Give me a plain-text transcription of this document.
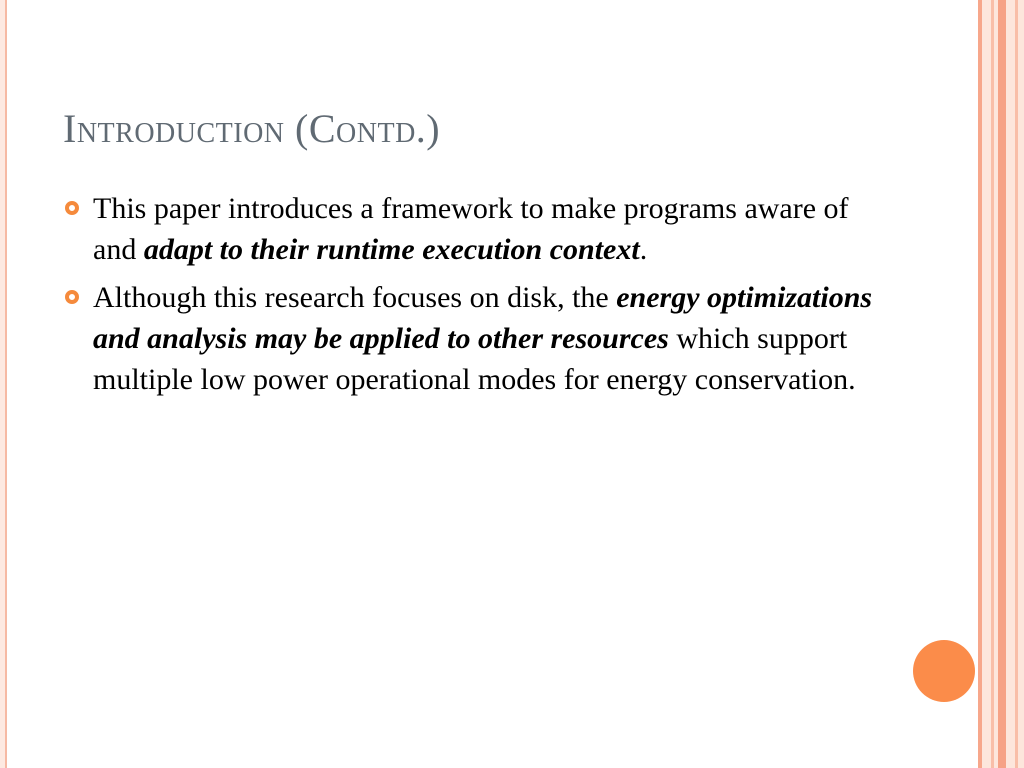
Introduction (Contd.)
This paper introduces a framework to make programs aware of and adapt to their runtime execution context.
Although this research focuses on disk, the energy optimizations and analysis may be applied to other resources which support multiple low power operational modes for energy conservation.
